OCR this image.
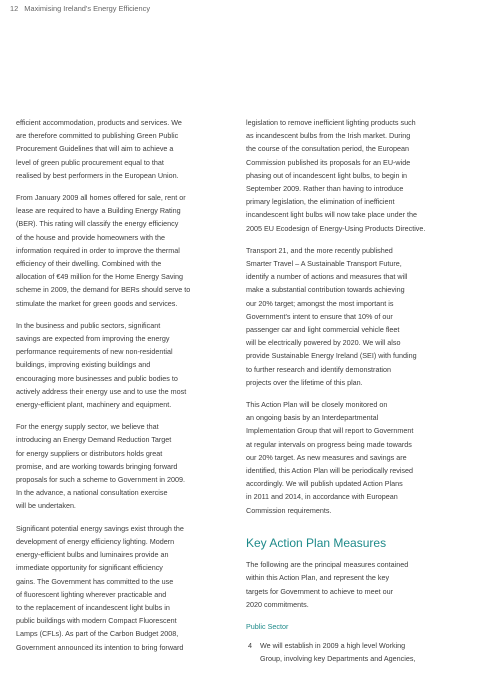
12 Maximising Ireland's Energy Efficiency
efficient accommodation, products and services. We
are therefore committed to publishing Green Public
Procurement Guidelines that will aim to achieve a
level of green public procurement equal to that
realised by best performers in the European Union.
From January 2009 all homes offered for sale, rent or
lease are required to have a Building Energy Rating
(BER). This rating will classify the energy efficiency
of the house and provide homeowners with the
information required in order to improve the thermal
efficiency of their dwelling. Combined with the
allocation of €49 million for the Home Energy Saving
scheme in 2009, the demand for BERs should serve to
stimulate the market for green goods and services.
In the business and public sectors, significant
savings are expected from improving the energy
performance requirements of new non-residential
buildings, improving existing buildings and
encouraging more businesses and public bodies to
actively address their energy use and to use the most
energy-efficient plant, machinery and equipment.
For the energy supply sector, we believe that
introducing an Energy Demand Reduction Target
for energy suppliers or distributors holds great
promise, and are working towards bringing forward
proposals for such a scheme to Government in 2009.
In the advance, a national consultation exercise
will be undertaken.
Significant potential energy savings exist through the
development of energy efficiency lighting. Modern
energy-efficient bulbs and luminaires provide an
immediate opportunity for significant efficiency
gains. The Government has committed to the use
of fluorescent lighting wherever practicable and
to the replacement of incandescent light bulbs in
public buildings with modern Compact Fluorescent
Lamps (CFLs). As part of the Carbon Budget 2008,
Government announced its intention to bring forward
legislation to remove inefficient lighting products such
as incandescent bulbs from the Irish market. During
the course of the consultation period, the European
Commission published its proposals for an EU-wide
phasing out of incandescent light bulbs, to begin in
September 2009. Rather than having to introduce
primary legislation, the elimination of inefficient
incandescent light bulbs will now take place under the
2005 EU Ecodesign of Energy-Using Products Directive.
Transport 21, and the more recently published
Smarter Travel – A Sustainable Transport Future,
identify a number of actions and measures that will
make a substantial contribution towards achieving
our 20% target; amongst the most important is
Government's intent to ensure that 10% of our
passenger car and light commercial vehicle fleet
will be electrically powered by 2020. We will also
provide Sustainable Energy Ireland (SEI) with funding
to further research and identify demonstration
projects over the lifetime of this plan.
This Action Plan will be closely monitored on
an ongoing basis by an Interdepartmental
Implementation Group that will report to Government
at regular intervals on progress being made towards
our 20% target. As new measures and savings are
identified, this Action Plan will be periodically revised
accordingly. We will publish updated Action Plans
in 2011 and 2014, in accordance with European
Commission requirements.
Key Action Plan Measures
The following are the principal measures contained
within this Action Plan, and represent the key
targets for Government to achieve to meet our
2020 commitments.
Public Sector
4 We will establish in 2009 a high level Working
Group, involving key Departments and Agencies,
